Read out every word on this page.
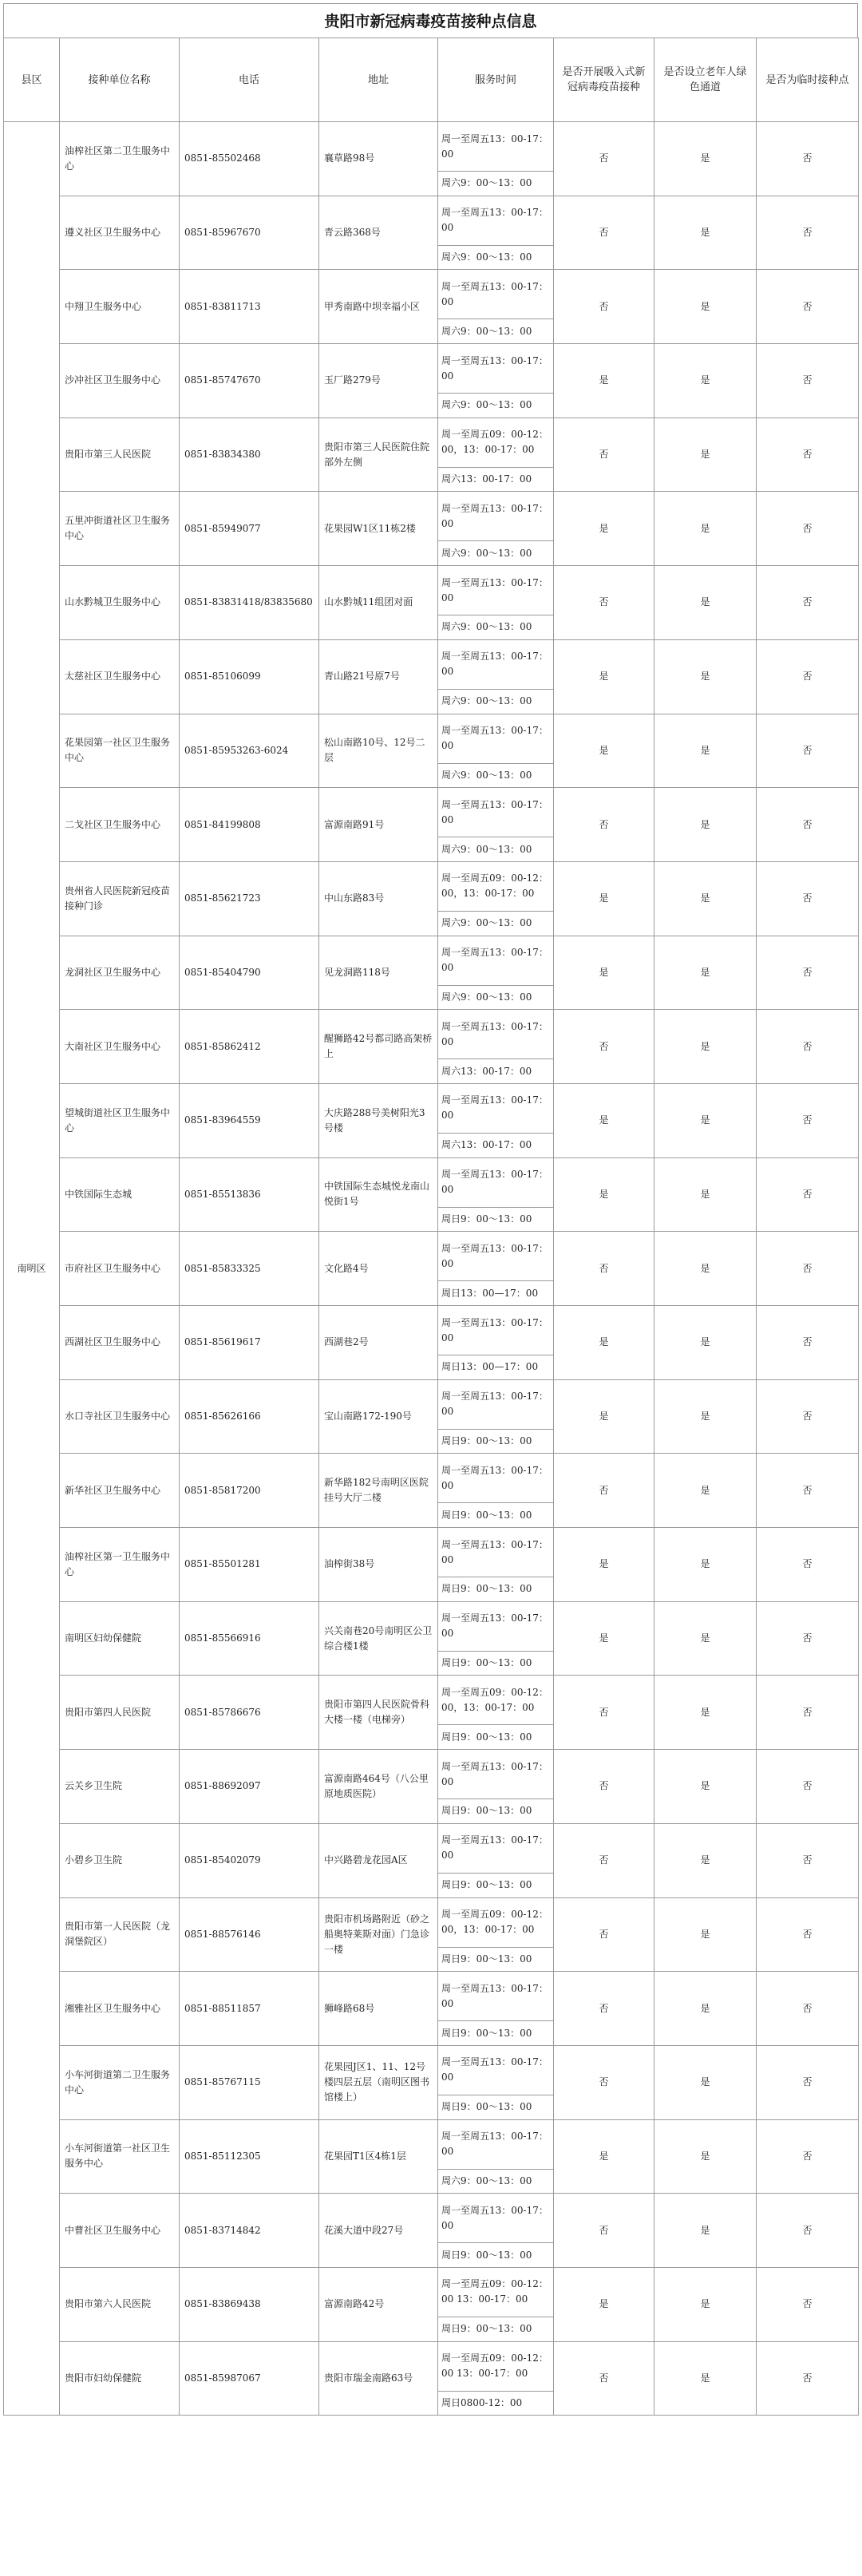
贵阳市新冠病毒疫苗接种点信息
县区	接种单位名称	电话	地址	服务时间	是否开展吸入式新冠病毒疫苗接种	是否设立老年人绿色通道	是否为临时接种点
南明区	油榨社区第二卫生服务中心	0851-85502468	襄草路98号	周一至周五13：00-17：00	否	是	否
				周六9：00～13：00			
	遵义社区卫生服务中心	0851-85967670	青云路368号	周一至周五13：00-17：00	否	是	否
				周六9：00～13：00			
	中翔卫生服务中心	0851-83811713	甲秀南路中坝幸福小区	周一至周五13：00-17：00	否	是	否
				周六9：00～13：00			
	沙冲社区卫生服务中心	0851-85747670	玉厂路279号	周一至周五13：00-17：00	是	是	否
				周六9：00～13：00			
	贵阳市第三人民医院	0851-83834380	贵阳市第三人民医院住院部外左侧	周一至周五09：00-12：00，13：00-17：00	否	是	否
				周六13：00-17：00			
	五里冲街道社区卫生服务中心	0851-85949077	花果园W1区11栋2楼	周一至周五13：00-17：00	是	是	否
				周六9：00～13：00			
	山水黔城卫生服务中心	0851-83831418/83835680	山水黔城11组团对面	周一至周五13：00-17：00	否	是	否
				周六9：00～13：00			
	太慈社区卫生服务中心	0851-85106099	青山路21号原7号	周一至周五13：00-17：00	是	是	否
				周六9：00～13：00			
	花果园第一社区卫生服务中心	0851-85953263-6024	松山南路10号、12号二层	周一至周五13：00-17：00	是	是	否
				周六9：00～13：00			
	二戈社区卫生服务中心	0851-84199808	富源南路91号	周一至周五13：00-17：00	否	是	否
				周六9：00～13：00			
	贵州省人民医院新冠疫苗接种门诊	0851-85621723	中山东路83号	周一至周五09：00-12：00，13：00-17：00	是	是	否
				周六9：00～13：00			
	龙洞社区卫生服务中心	0851-85404790	见龙洞路118号	周一至周五13：00-17：00	是	是	否
				周六9：00～13：00			
	大南社区卫生服务中心	0851-85862412	醒狮路42号都司路高架桥上	周一至周五13：00-17：00	否	是	否
				周六13：00-17：00			
	望城街道社区卫生服务中心	0851-83964559	大庆路288号美树阳光3号楼	周一至周五13：00-17：00	是	是	否
				周六13：00-17：00			
	中铁国际生态城	0851-85513836	中铁国际生态城悦龙南山悦街1号	周一至周五13：00-17：00	是	是	否
				周日9：00～13：00			
	市府社区卫生服务中心	0851-85833325	文化路4号	周一至周五13：00-17：00	否	是	否
				周日13：00—17：00			
	西湖社区卫生服务中心	0851-85619617	西湖巷2号	周一至周五13：00-17：00	是	是	否
				周日13：00—17：00			
	水口寺社区卫生服务中心	0851-85626166	宝山南路172-190号	周一至周五13：00-17：00	是	是	否
				周日9：00～13：00			
	新华社区卫生服务中心	0851-85817200	新华路182号南明区医院挂号大厅二楼	周一至周五13：00-17：00	否	是	否
				周日9：00～13：00			
	油榨社区第一卫生服务中心	0851-85501281	油榨街38号	周一至周五13：00-17：00	是	是	否
				周日9：00～13：00			
	南明区妇幼保健院	0851-85566916	兴关南巷20号南明区公卫综合楼1楼	周一至周五13：00-17：00	是	是	否
				周日9：00～13：00			
	贵阳市第四人民医院	0851-85786676	贵阳市第四人民医院骨科大楼一楼（电梯旁）	周一至周五09：00-12：00，13：00-17：00	否	是	否
				周日9：00～13：00			
	云关乡卫生院	0851-88692097	富源南路464号（八公里原地质医院）	周一至周五13：00-17：00	否	是	否
				周日9：00～13：00			
	小碧乡卫生院	0851-85402079	中兴路碧龙花园A区	周一至周五13：00-17：00	否	是	否
				周日9：00～13：00			
	贵阳市第一人民医院（龙洞堡院区）	0851-88576146	贵阳市机场路附近（砂之船奥特莱斯对面）门急诊一楼	周一至周五09：00-12：00，13：00-17：00	否	是	否
				周日9：00～13：00			
	湘雅社区卫生服务中心	0851-88511857	狮峰路68号	周一至周五13：00-17：00	否	是	否
				周日9：00～13：00			
	小车河街道第二卫生服务中心	0851-85767115	花果园J区1、11、12号楼四层五层（南明区图书馆楼上）	周一至周五13：00-17：00	否	是	否
				周日9：00～13：00			
	小车河街道第一社区卫生服务中心	0851-85112305	花果园T1区4栋1层	周一至周五13：00-17：00	是	是	否
				周六9：00～13：00			
	中曹社区卫生服务中心	0851-83714842	花溪大道中段27号	周一至周五13：00-17：00	否	是	否
				周日9：00～13：00			
	贵阳市第六人民医院	0851-83869438	富源南路42号	周一至周五09：00-12：00 13：00-17：00	是	是	否
				周日9：00～13：00			
	贵阳市妇幼保健院	0851-85987067	贵阳市瑞金南路63号	周一至周五09：00-12：00 13：00-17：00	否	是	否
				周日0800-12：00			
